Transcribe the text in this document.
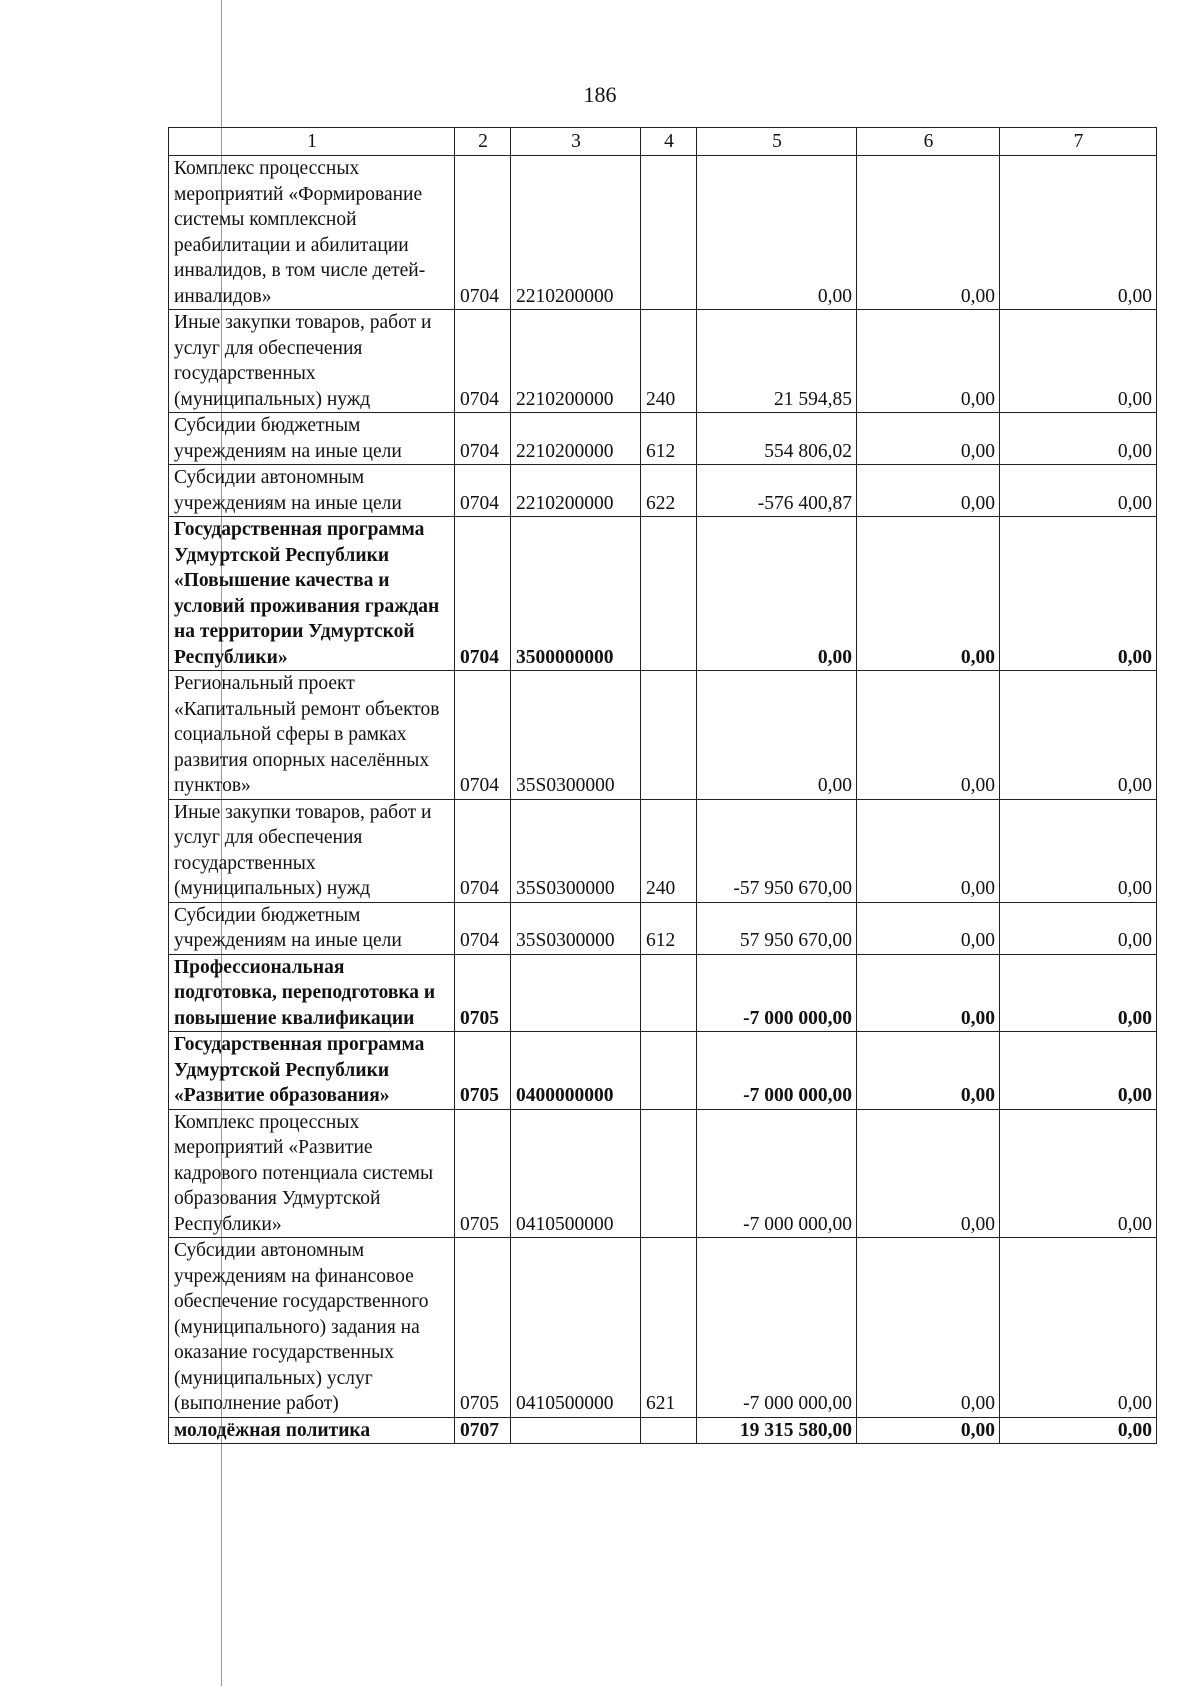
186
1	2	3	4	5	6	7
Комплекс процессных мероприятий «Формирование системы комплексной реабилитации и абилитации инвалидов, в том числе детей-инвалидов»	0704	2210200000		0,00	0,00	0,00
Иные закупки товаров, работ и услуг для обеспечения государственных (муниципальных) нужд	0704	2210200000	240	21 594,85	0,00	0,00
Субсидии бюджетным учреждениям на иные цели	0704	2210200000	612	554 806,02	0,00	0,00
Субсидии автономным учреждениям на иные цели	0704	2210200000	622	-576 400,87	0,00	0,00
Государственная программа Удмуртской Республики «Повышение качества и условий проживания граждан на территории Удмуртской Республики»	0704	3500000000		0,00	0,00	0,00
Региональный проект «Капитальный ремонт объектов социальной сферы в рамках развития опорных населённых пунктов»	0704	35S0300000		0,00	0,00	0,00
Иные закупки товаров, работ и услуг для обеспечения государственных (муниципальных) нужд	0704	35S0300000	240	-57 950 670,00	0,00	0,00
Субсидии бюджетным учреждениям на иные цели	0704	35S0300000	612	57 950 670,00	0,00	0,00
Профессиональная подготовка, переподготовка и повышение квалификации	0705			-7 000 000,00	0,00	0,00
Государственная программа Удмуртской Республики «Развитие образования»	0705	0400000000		-7 000 000,00	0,00	0,00
Комплекс процессных мероприятий «Развитие кадрового потенциала системы образования Удмуртской Республики»	0705	0410500000		-7 000 000,00	0,00	0,00
Субсидии автономным учреждениям на финансовое обеспечение государственного (муниципального) задания на оказание государственных (муниципальных) услуг (выполнение работ)	0705	0410500000	621	-7 000 000,00	0,00	0,00
молодёжная политика	0707			19 315 580,00	0,00	0,00
